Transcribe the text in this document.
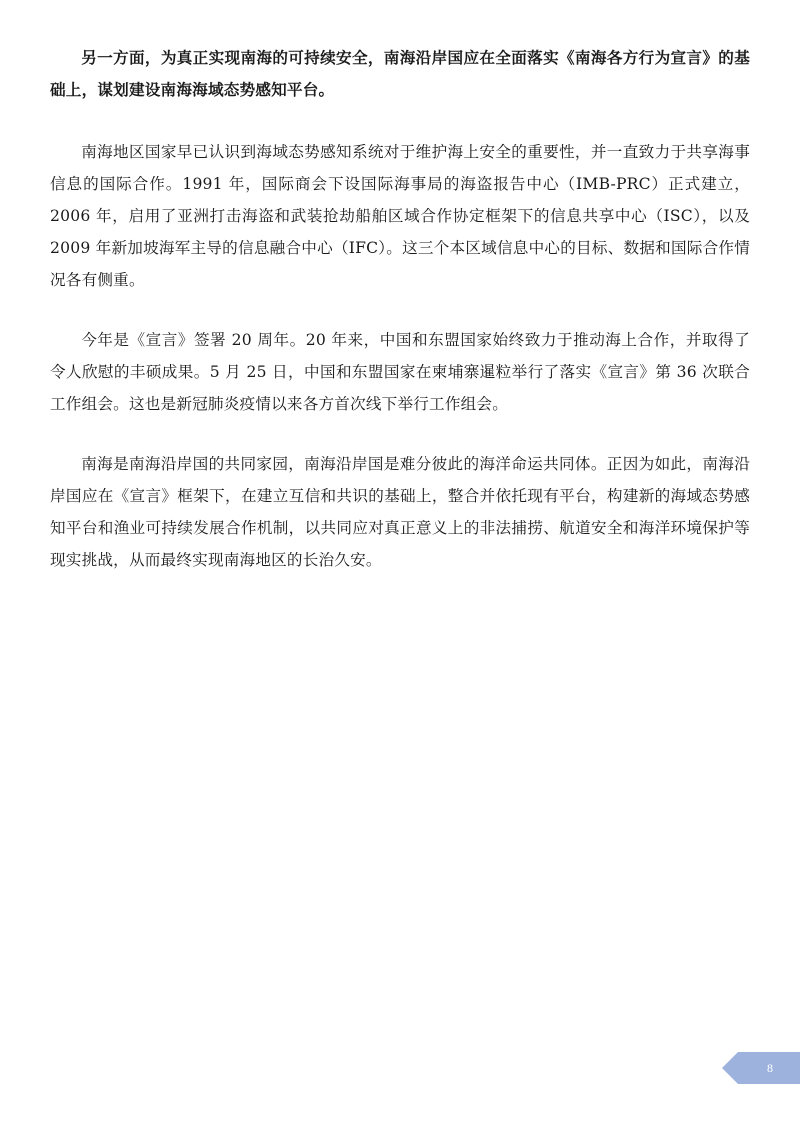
另一方面，为真正实现南海的可持续安全，南海沿岸国应在全面落实《南海各方行为宣言》的基础上，谋划建设南海海域态势感知平台。

南海地区国家早已认识到海域态势感知系统对于维护海上安全的重要性，并一直致力于共享海事信息的国际合作。1991 年，国际商会下设国际海事局的海盗报告中心（IMB-PRC）正式建立，2006 年，启用了亚洲打击海盗和武装抢劫船舶区域合作协定框架下的信息共享中心（ISC），以及 2009 年新加坡海军主导的信息融合中心（IFC）。这三个本区域信息中心的目标、数据和国际合作情况各有侧重。

今年是《宣言》签署 20 周年。20 年来，中国和东盟国家始终致力于推动海上合作，并取得了令人欣慰的丰硕成果。5 月 25 日，中国和东盟国家在柬埔寨暹粒举行了落实《宣言》第 36 次联合工作组会。这也是新冠肺炎疫情以来各方首次线下举行工作组会。

南海是南海沿岸国的共同家园，南海沿岸国是难分彼此的海洋命运共同体。正因为如此，南海沿岸国应在《宣言》框架下，在建立互信和共识的基础上，整合并依托现有平台，构建新的海域态势感知平台和渔业可持续发展合作机制，以共同应对真正意义上的非法捕捞、航道安全和海洋环境保护等现实挑战，从而最终实现南海地区的长治久安。

8
